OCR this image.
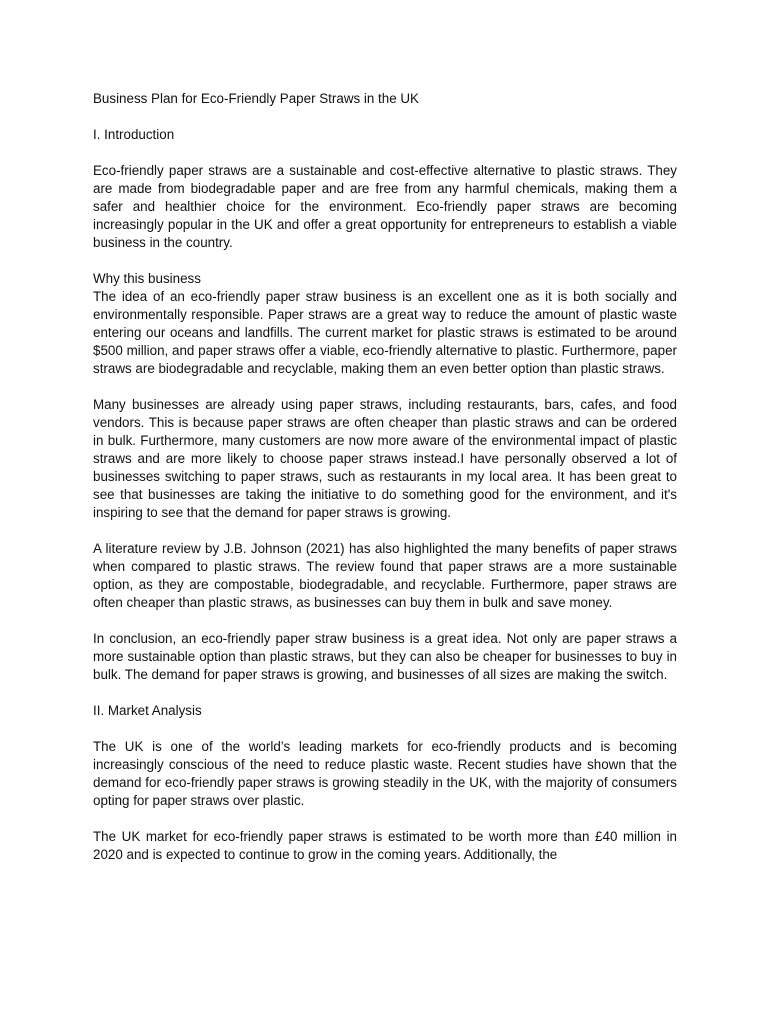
Business Plan for Eco-Friendly Paper Straws in the UK

I. Introduction

Eco-friendly paper straws are a sustainable and cost-effective alternative to plastic straws. They are made from biodegradable paper and are free from any harmful chemicals, making them a safer and healthier choice for the environment. Eco-friendly paper straws are becoming increasingly popular in the UK and offer a great opportunity for entrepreneurs to establish a viable business in the country.

Why this business

The idea of an eco-friendly paper straw business is an excellent one as it is both socially and environmentally responsible. Paper straws are a great way to reduce the amount of plastic waste entering our oceans and landfills. The current market for plastic straws is estimated to be around $500 million, and paper straws offer a viable, eco-friendly alternative to plastic. Furthermore, paper straws are biodegradable and recyclable, making them an even better option than plastic straws.

Many businesses are already using paper straws, including restaurants, bars, cafes, and food vendors. This is because paper straws are often cheaper than plastic straws and can be ordered in bulk. Furthermore, many customers are now more aware of the environmental impact of plastic straws and are more likely to choose paper straws instead.I have personally observed a lot of businesses switching to paper straws, such as restaurants in my local area. It has been great to see that businesses are taking the initiative to do something good for the environment, and it's inspiring to see that the demand for paper straws is growing.

A literature review by J.B. Johnson (2021) has also highlighted the many benefits of paper straws when compared to plastic straws. The review found that paper straws are a more sustainable option, as they are compostable, biodegradable, and recyclable. Furthermore, paper straws are often cheaper than plastic straws, as businesses can buy them in bulk and save money.

In conclusion, an eco-friendly paper straw business is a great idea. Not only are paper straws a more sustainable option than plastic straws, but they can also be cheaper for businesses to buy in bulk. The demand for paper straws is growing, and businesses of all sizes are making the switch.

II. Market Analysis

The UK is one of the world’s leading markets for eco-friendly products and is becoming increasingly conscious of the need to reduce plastic waste. Recent studies have shown that the demand for eco-friendly paper straws is growing steadily in the UK, with the majority of consumers opting for paper straws over plastic.

The UK market for eco-friendly paper straws is estimated to be worth more than £40 million in 2020 and is expected to continue to grow in the coming years. Additionally, the
